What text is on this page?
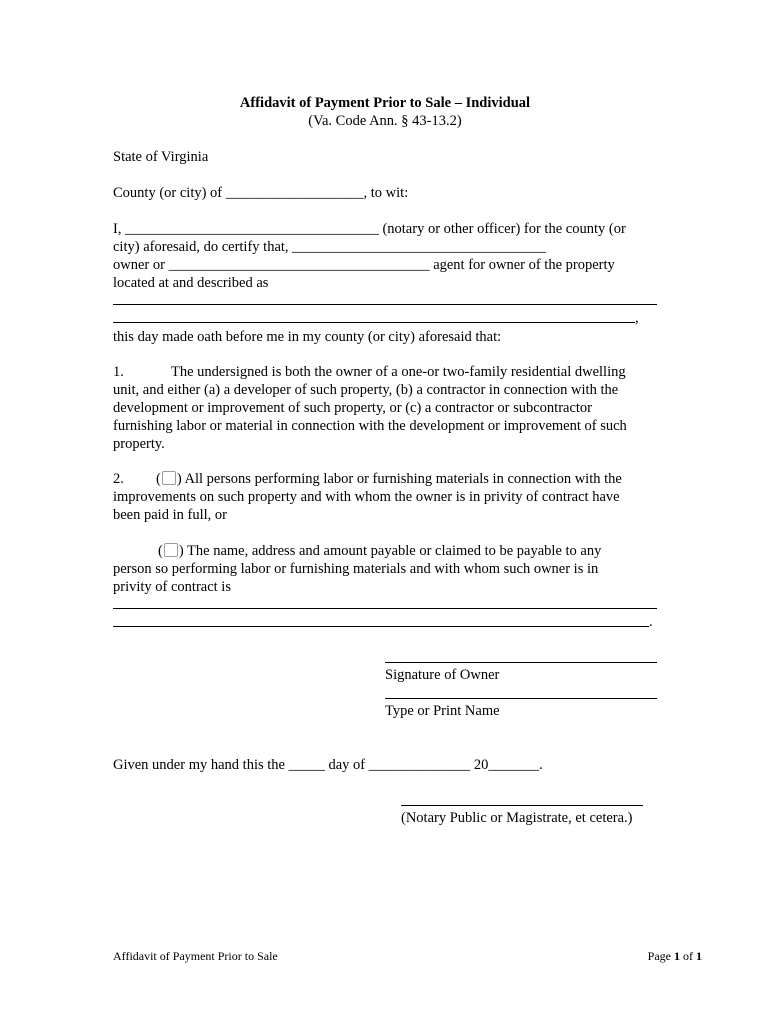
Affidavit of Payment Prior to Sale – Individual
(Va. Code Ann. § 43-13.2)
State of Virginia
County (or city) of ___________________, to wit:
I, ___________________________________ (notary or other officer) for the county (or
city) aforesaid, do certify that, ___________________________________
owner or ____________________________________ agent for owner of the property
located at and described as
,
this day made oath before me in my county (or city) aforesaid that:
1.	The undersigned is both the owner of a one-or two-family residential dwelling
unit, and either (a) a developer of such property, (b) a contractor in connection with the
development or improvement of such property, or (c) a contractor or subcontractor
furnishing labor or material in connection with the development or improvement of such
property.
2. ( ) All persons performing labor or furnishing materials in connection with the
improvements on such property and with whom the owner is in privity of contract have
been paid in full, or
( ) The name, address and amount payable or claimed to be payable to any
person so performing labor or furnishing materials and with whom such owner is in
privity of contract is
.
Signature of Owner
Type or Print Name
Given under my hand this the _____ day of ______________ 20_______.
(Notary Public or Magistrate, et cetera.)
Affidavit of Payment Prior to Sale	Page 1 of 1
